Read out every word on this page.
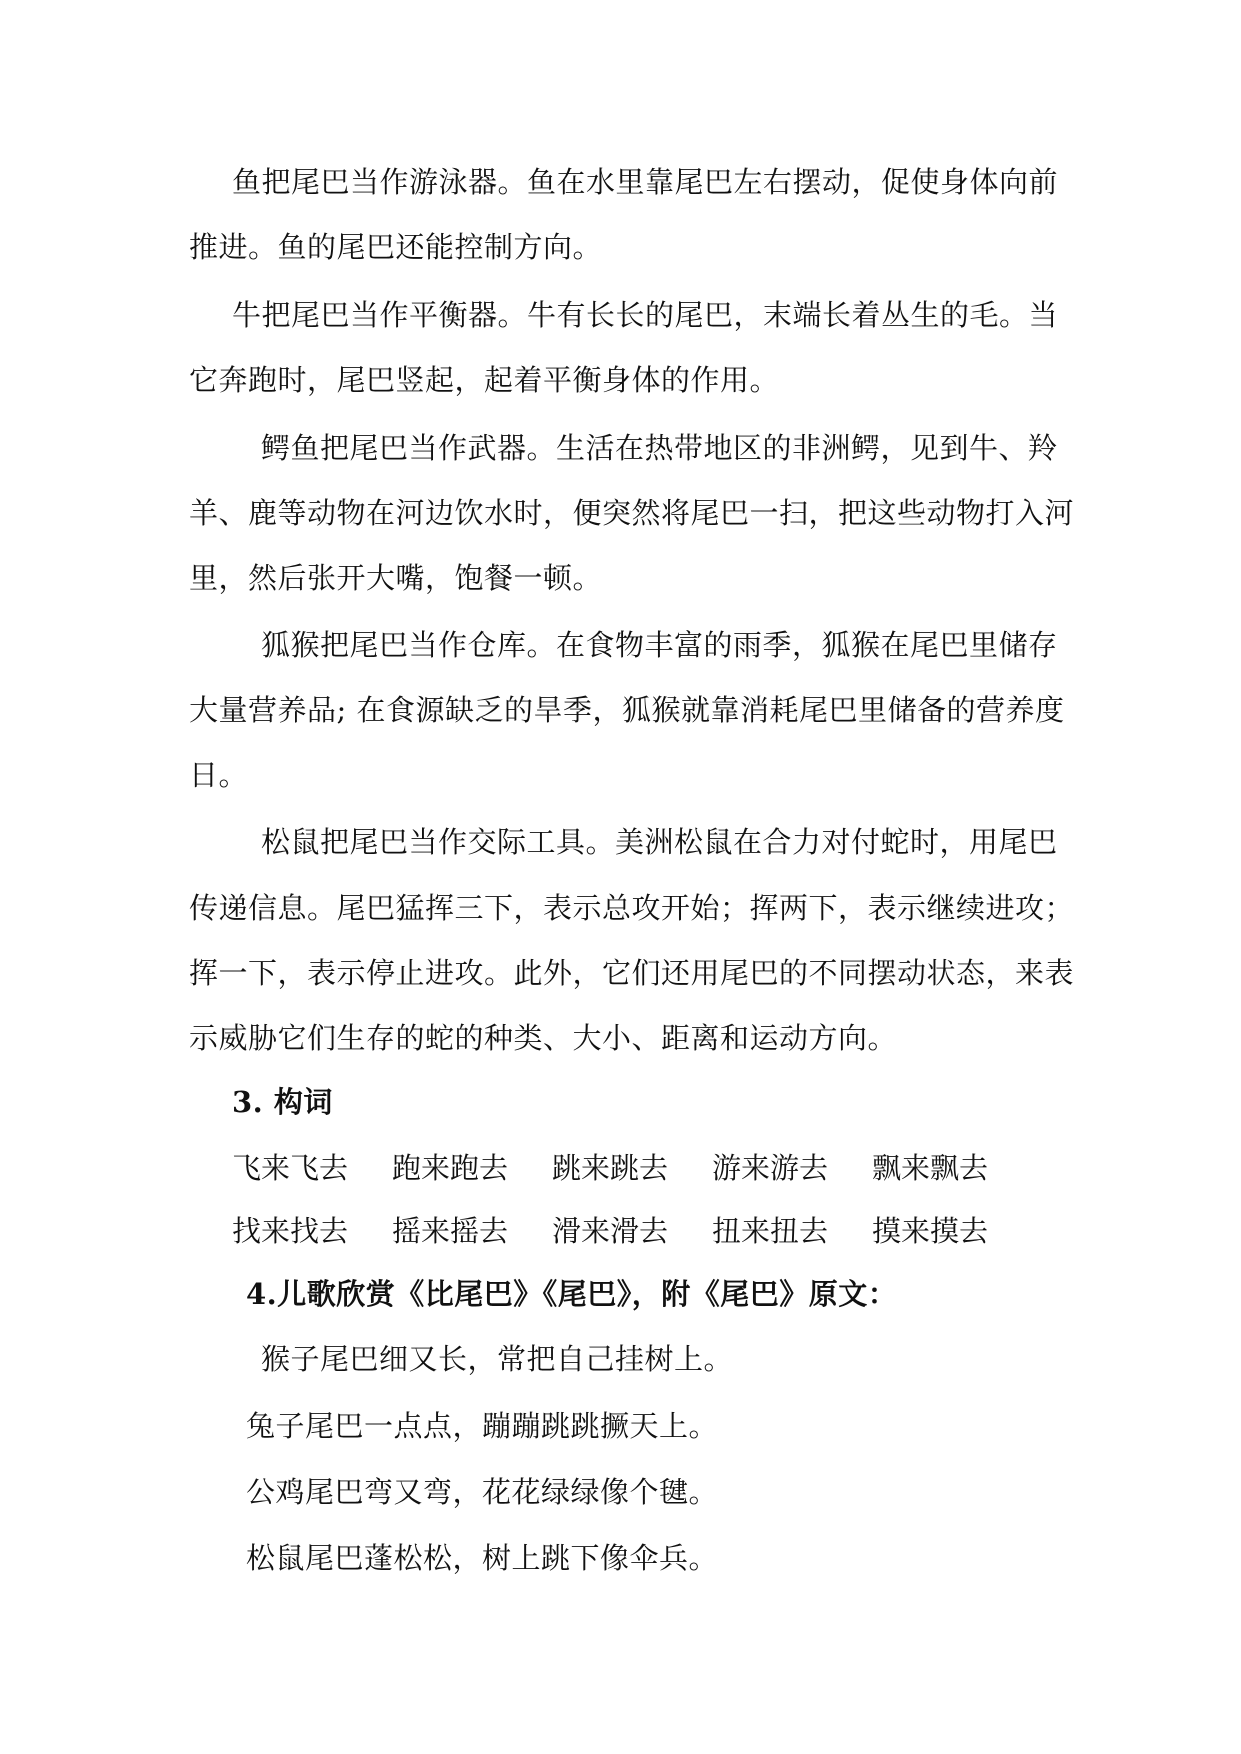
鱼把尾巴当作游泳器。鱼在水里靠尾巴左右摆动，促使身体向前
推进。鱼的尾巴还能控制方向。
牛把尾巴当作平衡器。牛有长长的尾巴，末端长着丛生的毛。当
它奔跑时，尾巴竖起，起着平衡身体的作用。
鳄鱼把尾巴当作武器。生活在热带地区的非洲鳄，见到牛、羚
羊、鹿等动物在河边饮水时，便突然将尾巴一扫，把这些动物打入河
里，然后张开大嘴，饱餐一顿。
狐猴把尾巴当作仓库。在食物丰富的雨季，狐猴在尾巴里储存
大量营养品; 在食源缺乏的旱季，狐猴就靠消耗尾巴里储备的营养度
日。
松鼠把尾巴当作交际工具。美洲松鼠在合力对付蛇时，用尾巴
传递信息。尾巴猛挥三下，表示总攻开始；挥两下，表示继续进攻；
挥一下，表示停止进攻。此外，它们还用尾巴的不同摆动状态，来表
示威胁它们生存的蛇的种类、大小、距离和运动方向。
3. 构词
飞来飞去 跑来跑去 跳来跳去 游来游去 飘来飘去
找来找去 摇来摇去 滑来滑去 扭来扭去 摸来摸去
4.儿歌欣赏《比尾巴》《尾巴》，附《尾巴》原文：
猴子尾巴细又长，常把自己挂树上。
兔子尾巴一点点，蹦蹦跳跳撅天上。
公鸡尾巴弯又弯，花花绿绿像个毽。
松鼠尾巴蓬松松，树上跳下像伞兵。
